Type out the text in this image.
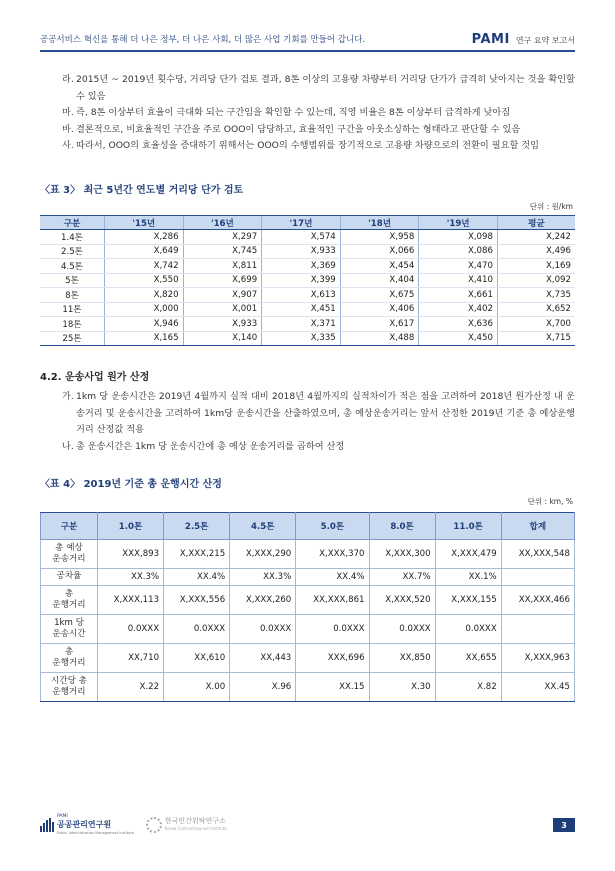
공공서비스 혁신을 통해 더 나은 정부, 더 나은 사회, 더 많은 사업 기회를 만들어 갑니다.	PAMI 연구 요약 보고서
라. 2015년 ~ 2019년 횟수당, 거리당 단가 검토 결과, 8톤 이상의 고용량 차량부터 거리당 단가가 급격히 낮아지는 것을 확인할 수 있음
마. 즉, 8톤 이상부터 효율이 극대화 되는 구간임을 확인할 수 있는데, 직영 비율은 8톤 이상부터 급격하게 낮아짐
바. 결론적으로, 비효율적인 구간을 주로 OOO이 담당하고, 효율적인 구간을 아웃소싱하는 형태라고 판단할 수 있음
사. 따라서, OOO의 효율성을 증대하기 위해서는 OOO의 수행범위를 장기적으로 고용량 차량으로의 전환이 필요할 것임
〈표 3〉 최근 5년간 연도별 거리당 단가 검토
단위 : 원/km
구분	'15년	'16년	'17년	'18년	'19년	평균
1.4톤	X,286	X,297	X,574	X,958	X,098	X,242
2.5톤	X,649	X,745	X,933	X,066	X,086	X,496
4.5톤	X,742	X,811	X,369	X,454	X,470	X,169
5톤	X,550	X,699	X,399	X,404	X,410	X,092
8톤	X,820	X,907	X,613	X,675	X,661	X,735
11톤	X,000	X,001	X,451	X,406	X,402	X,652
18톤	X,946	X,933	X,371	X,617	X,636	X,700
25톤	X,165	X,140	X,335	X,488	X,450	X,715
4.2. 운송사업 원가 산정
가. 1km 당 운송시간은 2019년 4월까지 실적 대비 2018년 4월까지의 실적차이가 적은 점을 고려하여 2018년 원가산정 내 운송거리 및 운송시간을 고려하여 1km당 운송시간을 산출하였으며, 총 예상운송거리는 앞서 산정한 2019년 기준 총 예상운행거리 산정값 적용
나. 총 운송시간은 1km 당 운송시간에 총 예상 운송거리를 곱하여 산정
〈표 4〉 2019년 기준 총 운행시간 산정
단위 : km, %
구분	1.0톤	2.5톤	4.5톤	5.0톤	8.0톤	11.0톤	합계
총 예상
운송거리	XXX,893	X,XXX,215	X,XXX,290	X,XXX,370	X,XXX,300	X,XXX,479	XX,XXX,548
공차율	XX.3%	XX.4%	XX.3%	XX.4%	XX.7%	XX.1%	
총
운행거리	X,XXX,113	X,XXX,556	X,XXX,260	XX,XXX,861	X,XXX,520	X,XXX,155	XX,XXX,466
1km 당
운송시간	0.0XXX	0.0XXX	0.0XXX	0.0XXX	0.0XXX	0.0XXX	
총
운행거리	XX,710	XX,610	XX,443	XXX,696	XX,850	XX,655	X,XXX,963
시간당 총
운행거리	X.22	X.00	X.96	XX.15	X.30	X.82	XX.45
PAMI
공공관리연구원
Public Administration Management Institute
한국민간위탁연구소
Korea Contracting-out Institute	3
